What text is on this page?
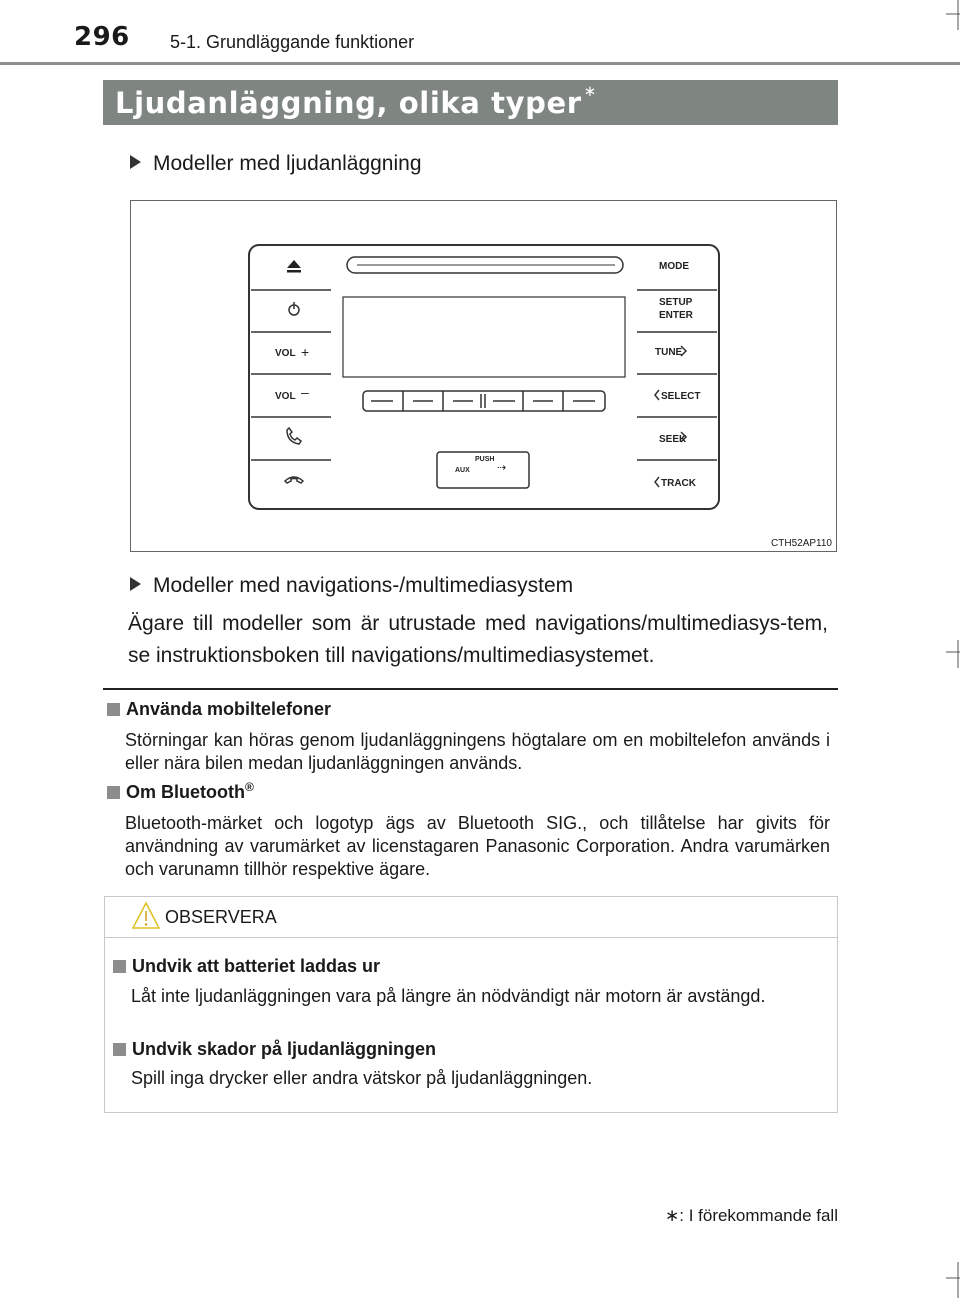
296 5-1. Grundläggande funktioner
Ljudanläggning, olika typer ∗
Modeller med ljudanläggning
VOL +
VOL –
MODE
SETUP
ENTER
TUNE
SELECT
SEEK
TRACK
PUSH
AUX ⇢
CTH52AP110
Modeller med navigations-/multimediasystem
Ägare till modeller som är utrustade med navigations/multimediasys-tem, se instruktionsboken till navigations/multimediasystemet.
Använda mobiltelefoner
Störningar kan höras genom ljudanläggningens högtalare om en mobiltelefon används i eller nära bilen medan ljudanläggningen används.
Om Bluetooth®
Bluetooth-märket och logotyp ägs av Bluetooth SIG., och tillåtelse har givits för användning av varumärket av licenstagaren Panasonic Corporation. Andra varumärken och varunamn tillhör respektive ägare.
OBSERVERA
Undvik att batteriet laddas ur
Låt inte ljudanläggningen vara på längre än nödvändigt när motorn är avstängd.
Undvik skador på ljudanläggningen
Spill inga drycker eller andra vätskor på ljudanläggningen.
∗: I förekommande fall
